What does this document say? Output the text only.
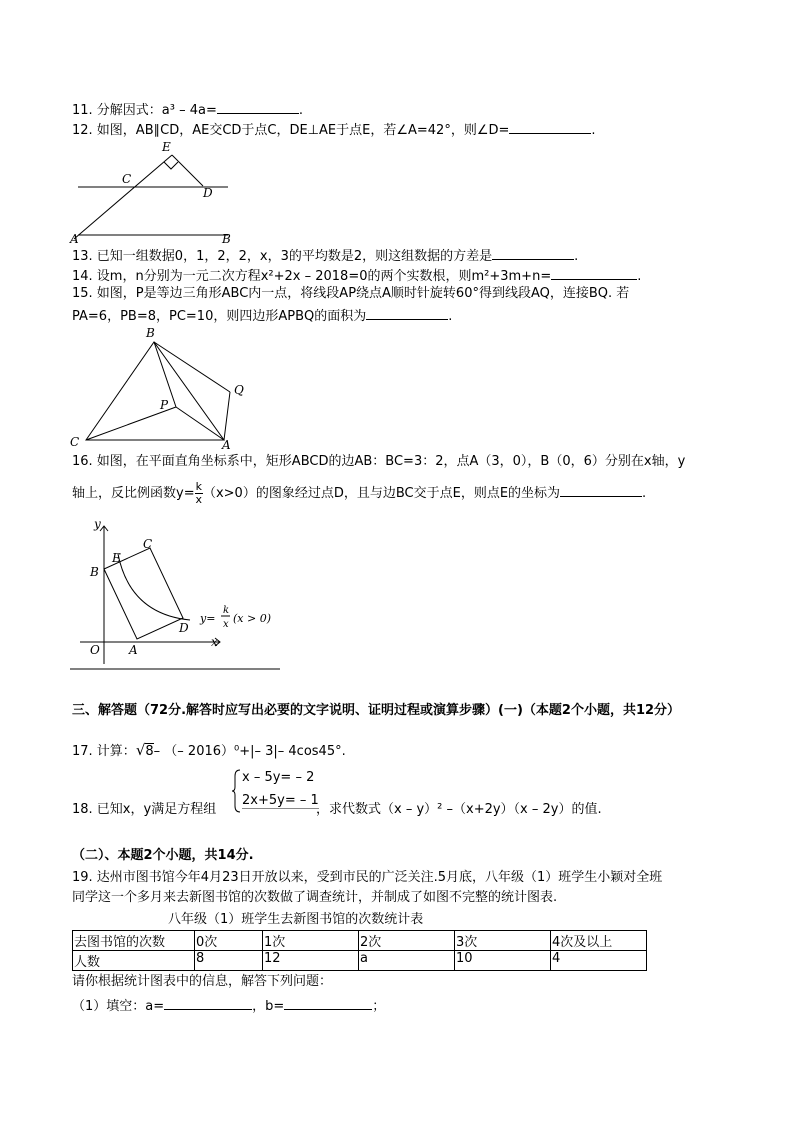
11. 分解因式：a³ – 4a=	.
12. 如图，AB∥CD，AE交CD于点C，DE⊥AE于点E，若∠A=42°，则∠D=	.
E
C
D
A	B
13. 已知一组数据0，1，2，2，x，3的平均数是2，则这组数据的方差是	.
14. 设m，n分别为一元二次方程x²+2x – 2018=0的两个实数根，则m²+3m+n=	.
15. 如图，P是等边三角形ABC内一点，将线段AP绕点A顺时针旋转60°得到线段AQ，连接BQ. 若
PA=6，PB=8，PC=10，则四边形APBQ的面积为	.
B
Q
P
C	A
16. 如图，在平面直角坐标系中，矩形ABCD的边AB：BC=3：2，点A（3，0），B（0，6）分别在x轴，y
轴上，反比例函数$y= \frac{k}{x} (x>0)$的图象经过点D，且与边BC交于点E，则点E的坐标为	.
y
E
C
B
D
O A
x
y=
k
x (x > 0)
三、解答题（72分.解答时应写出必要的文字说明、证明过程或演算步骤）(一)（本题2个小题，共12分）
17. 计算：√8– （– 2016）⁰+|– 3|– 4cos45°.
x – 5y= – 2
2x+5y= – 1
18. 已知x，y满足方程组	，求代数式（x – y）² –（x+2y）（x – 2y）的值.
（二）、本题2个小题，共14分.
19. 达州市图书馆今年4月23日开放以来，受到市民的广泛关注.5月底，八年级（1）班学生小颖对全班
同学这一个多月来去新图书馆的次数做了调查统计，并制成了如图不完整的统计图表.
八年级（1）班学生去新图书馆的次数统计表
去图书馆的次数	0次	1次	2次	3次	4次及以上
人数	8	12	a	10	4
请你根据统计图表中的信息，解答下列问题：
（1）填空：a=	，b=	；
